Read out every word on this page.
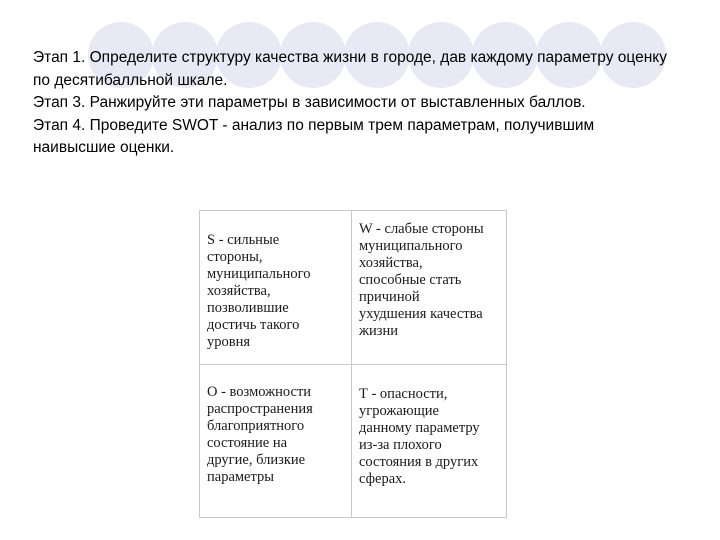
Этап 1. Определите структуру качества жизни в городе, дав каждому параметру оценку по десятибалльной шкале.

Этап 3. Ранжируйте эти параметры в зависимости от выставленных баллов.

Этап 4. Проведите SWOT - анализ по первым трем параметрам, получившим наивысшие оценки.

S - сильные
стороны,
муниципального
хозяйства,
позволившие
достичь такого
уровня
W - слабые стороны
муниципального
хозяйства,
способные стать
причиной
ухудшения качества
жизни
О - возможности
распространения
благоприятного
состояние на
другие, близкие
параметры
Т - опасности,
угрожающие
данному параметру
из-за плохого
состояния в других
сферах.
